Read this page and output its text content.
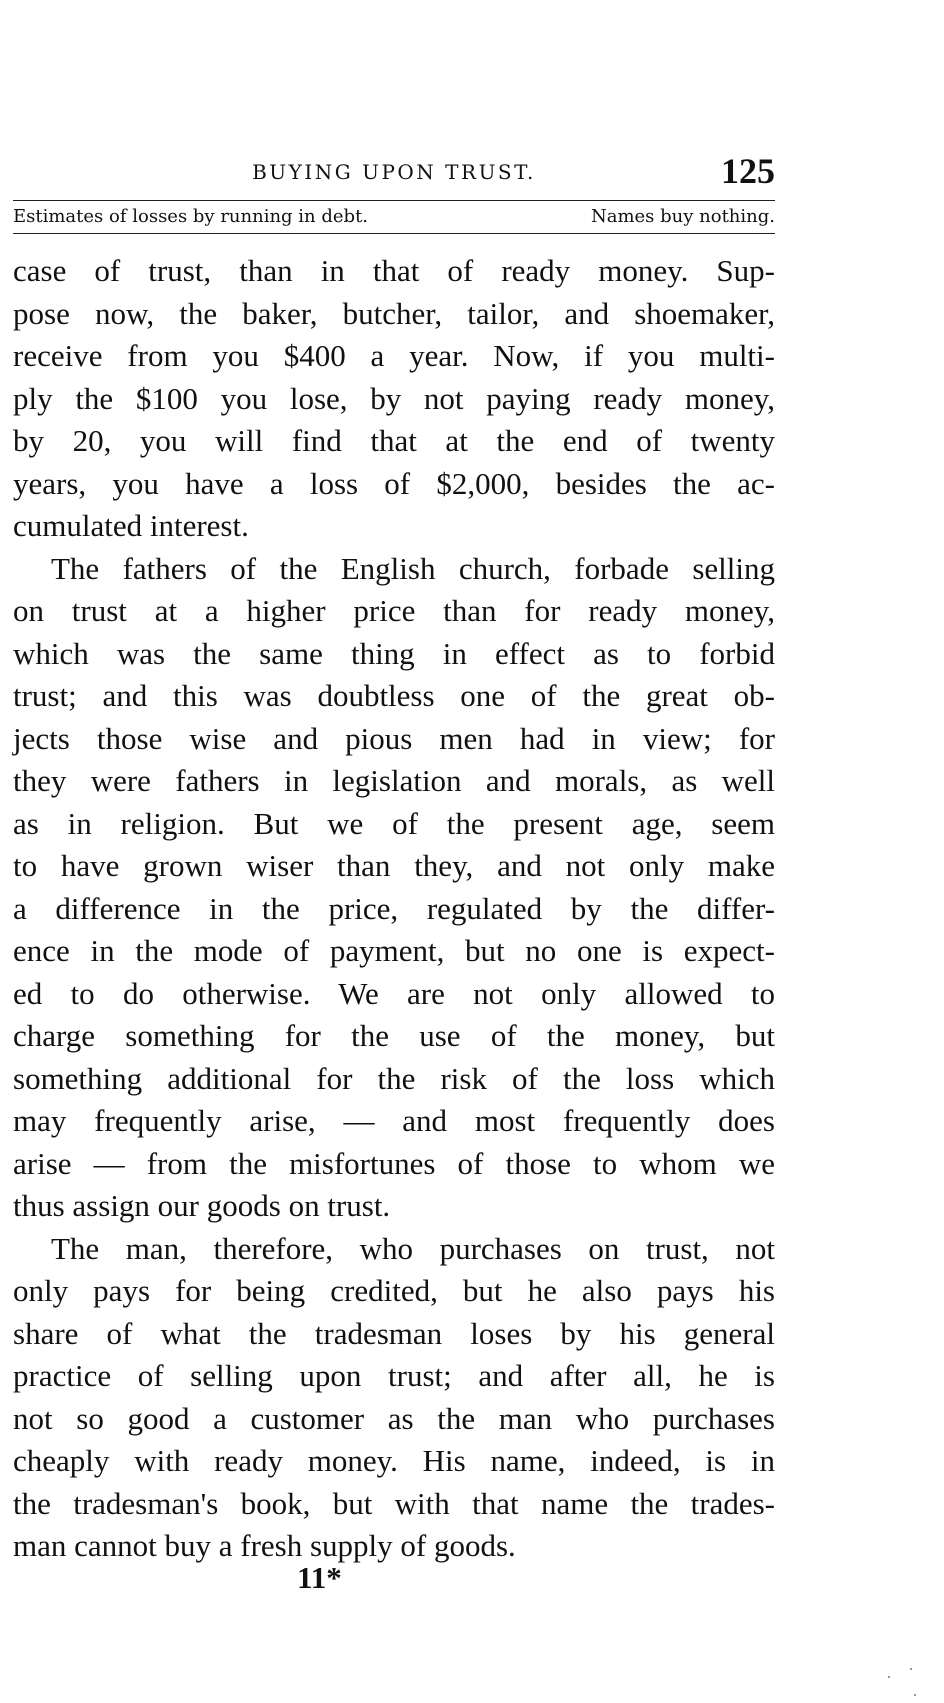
BUYING UPON TRUST.	125
Estimates of losses by running in debt.	Names buy nothing.
case of trust, than in that of ready money. Sup-
pose now, the baker, butcher, tailor, and shoemaker,
receive from you $400 a year. Now, if you multi-
ply the $100 you lose, by not paying ready money,
by 20, you will find that at the end of twenty
years, you have a loss of $2,000, besides the ac-
cumulated interest.
The fathers of the English church, forbade selling
on trust at a higher price than for ready money,
which was the same thing in effect as to forbid
trust; and this was doubtless one of the great ob-
jects those wise and pious men had in view; for
they were fathers in legislation and morals, as well
as in religion. But we of the present age, seem
to have grown wiser than they, and not only make
a difference in the price, regulated by the differ-
ence in the mode of payment, but no one is expect-
ed to do otherwise. We are not only allowed to
charge something for the use of the money, but
something additional for the risk of the loss which
may frequently arise, — and most frequently does
arise — from the misfortunes of those to whom we
thus assign our goods on trust.
The man, therefore, who purchases on trust, not
only pays for being credited, but he also pays his
share of what the tradesman loses by his general
practice of selling upon trust; and after all, he is
not so good a customer as the man who purchases
cheaply with ready money. His name, indeed, is in
the tradesman's book, but with that name the trades-
man cannot buy a fresh supply of goods.
11*
